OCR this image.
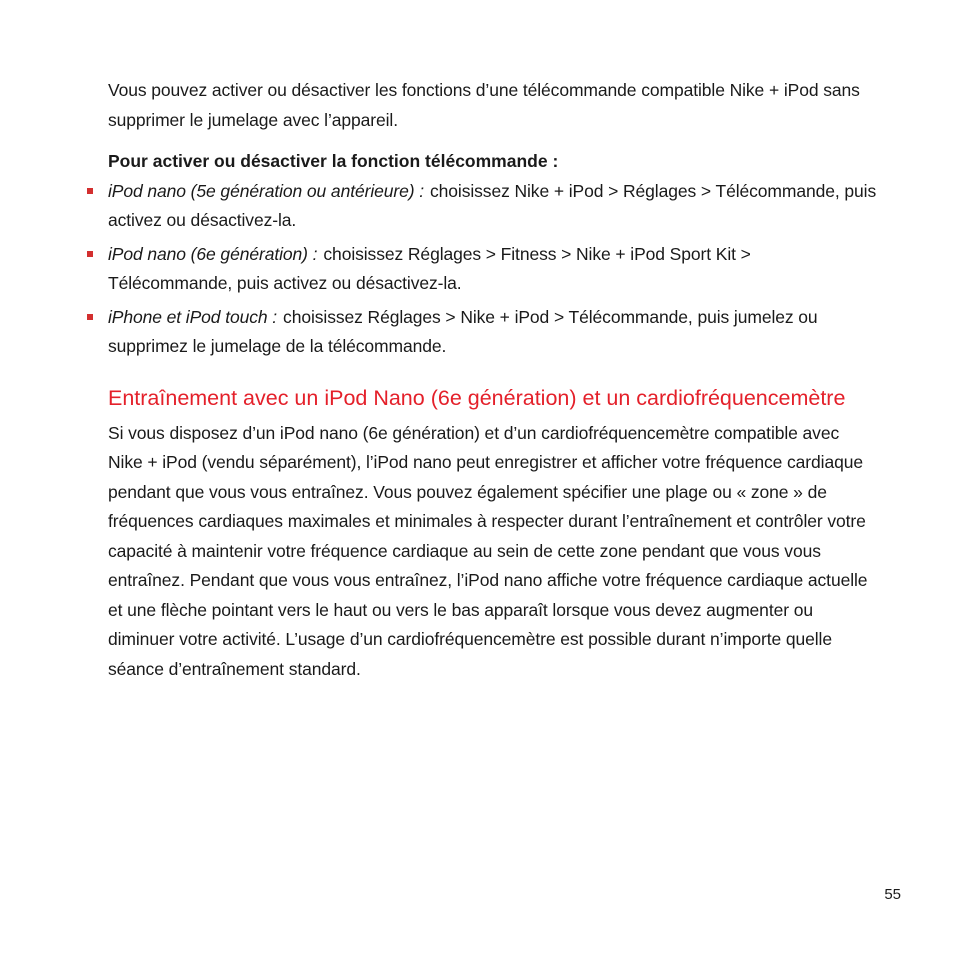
Vous pouvez activer ou désactiver les fonctions d’une télécommande compatible Nike + iPod sans supprimer le jumelage avec l’appareil.

Pour activer ou désactiver la fonction télécommande :

iPod nano (5e génération ou antérieure) : choisissez Nike + iPod > Réglages > Télécommande, puis activez ou désactivez-la.
iPod nano (6e génération) : choisissez Réglages > Fitness > Nike + iPod Sport Kit > Télécommande, puis activez ou désactivez-la.
iPhone et iPod touch : choisissez Réglages > Nike + iPod > Télécommande, puis jumelez ou supprimez le jumelage de la télécommande.
Entraînement avec un iPod Nano (6e génération) et un cardiofréquencemètre

Si vous disposez d’un iPod nano (6e génération) et d’un cardiofréquencemètre compatible avec Nike + iPod (vendu séparément), l’iPod nano peut enregistrer et afficher votre fréquence cardiaque pendant que vous vous entraînez. Vous pouvez également spécifier une plage ou « zone » de fréquences cardiaques maximales et minimales à respecter durant l’entraînement et contrôler votre capacité à maintenir votre fréquence cardiaque au sein de cette zone pendant que vous vous entraînez. Pendant que vous vous entraînez, l’iPod nano affiche votre fréquence cardiaque actuelle et une flèche pointant vers le haut ou vers le bas apparaît lorsque vous devez augmenter ou diminuer votre activité. L’usage d’un cardiofréquencemètre est possible durant n’importe quelle séance d’entraînement standard.

55
